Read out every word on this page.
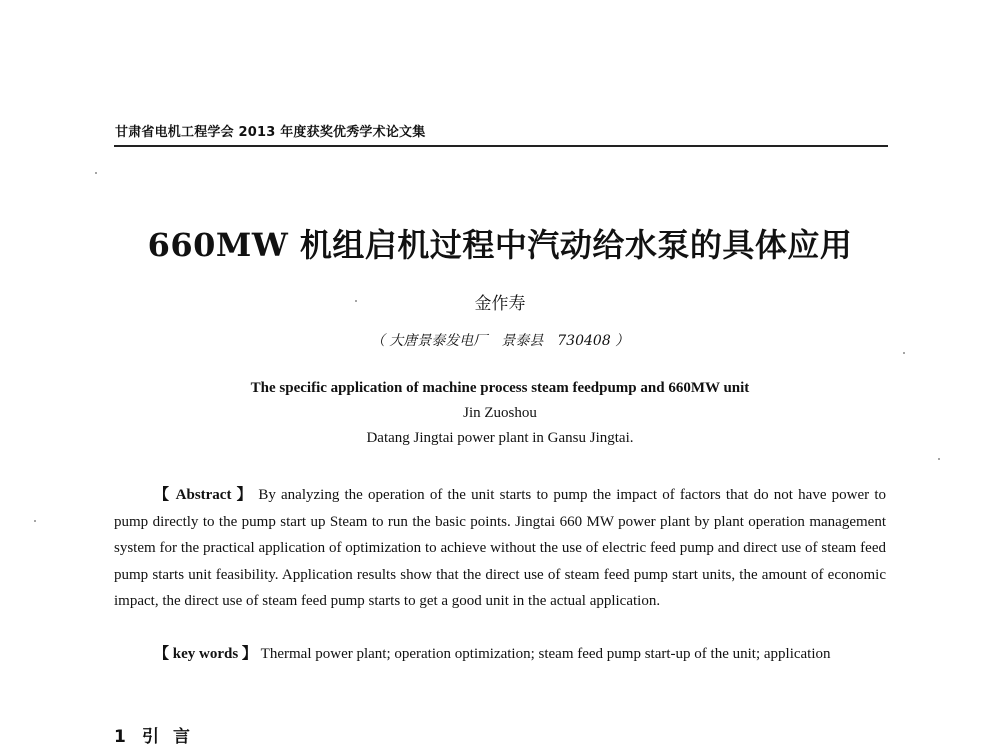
甘肃省电机工程学会 2013 年度获奖优秀学术论文集
660MW 机组启机过程中汽动给水泵的具体应用
金作寿
（ 大唐景泰发电厂　景泰县　730408 ）
The specific application of machine process steam feedpump and 660MW unit
Jin Zuoshou
Datang Jingtai power plant in Gansu Jingtai.

【 Abstract 】 By analyzing the operation of the unit starts to pump the impact of factors that do not have power to pump directly to the pump start up Steam to run the basic points. Jingtai 660 MW power plant by plant operation management system for the practical application of optimization to achieve without the use of electric feed pump and direct use of steam feed pump starts unit feasibility. Application results show that the direct use of steam feed pump start units, the amount of economic impact, the direct use of steam feed pump starts to get a good unit in the actual application.

【 key words 】 Thermal power plant; operation optimization; steam feed pump start-up of the unit; application

1 引言
